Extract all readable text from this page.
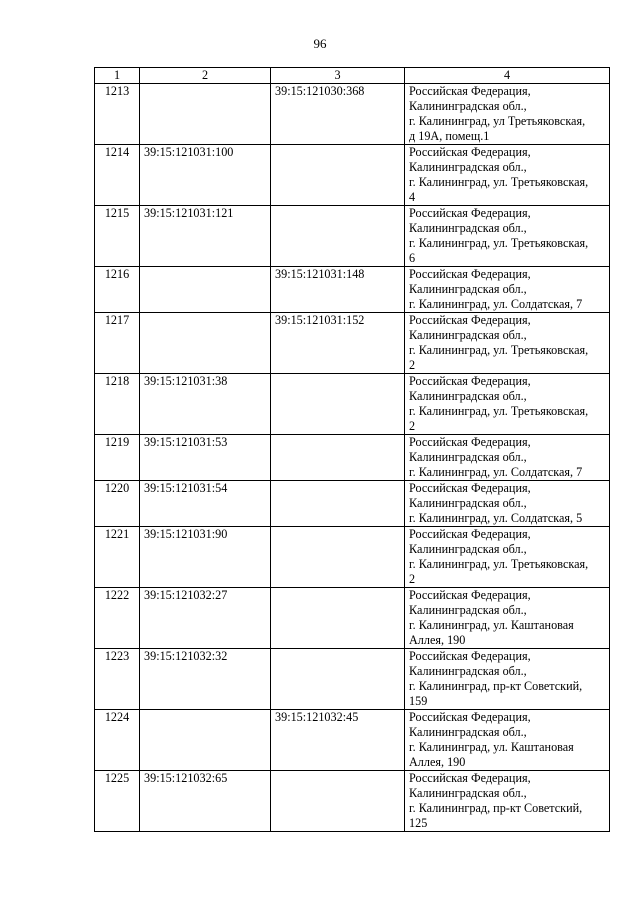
96
1	2	3	4
1213		39:15:121030:368	Российская Федерация,
Калининградская обл.,
г. Калининград, ул Третьяковская,
д 19А, помещ.1

1214	39:15:121031:100		Российская Федерация,
Калининградская обл.,
г. Калининград, ул. Третьяковская,
4

1215	39:15:121031:121		Российская Федерация,
Калининградская обл.,
г. Калининград, ул. Третьяковская,
6

1216		39:15:121031:148	Российская Федерация,
Калининградская обл.,
г. Калининград, ул. Солдатская, 7

1217		39:15:121031:152	Российская Федерация,
Калининградская обл.,
г. Калининград, ул. Третьяковская,
2

1218	39:15:121031:38		Российская Федерация,
Калининградская обл.,
г. Калининград, ул. Третьяковская,
2

1219	39:15:121031:53		Российская Федерация,
Калининградская обл.,
г. Калининград, ул. Солдатская, 7

1220	39:15:121031:54		Российская Федерация,
Калининградская обл.,
г. Калининград, ул. Солдатская, 5

1221	39:15:121031:90		Российская Федерация,
Калининградская обл.,
г. Калининград, ул. Третьяковская,
2

1222	39:15:121032:27		Российская Федерация,
Калининградская обл.,
г. Калининград, ул. Каштановая
Аллея, 190

1223	39:15:121032:32		Российская Федерация,
Калининградская обл.,
г. Калининград, пр-кт Советский,
159

1224		39:15:121032:45	Российская Федерация,
Калининградская обл.,
г. Калининград, ул. Каштановая
Аллея, 190

1225	39:15:121032:65		Российская Федерация,
Калининградская обл.,
г. Калининград, пр-кт Советский,
125
